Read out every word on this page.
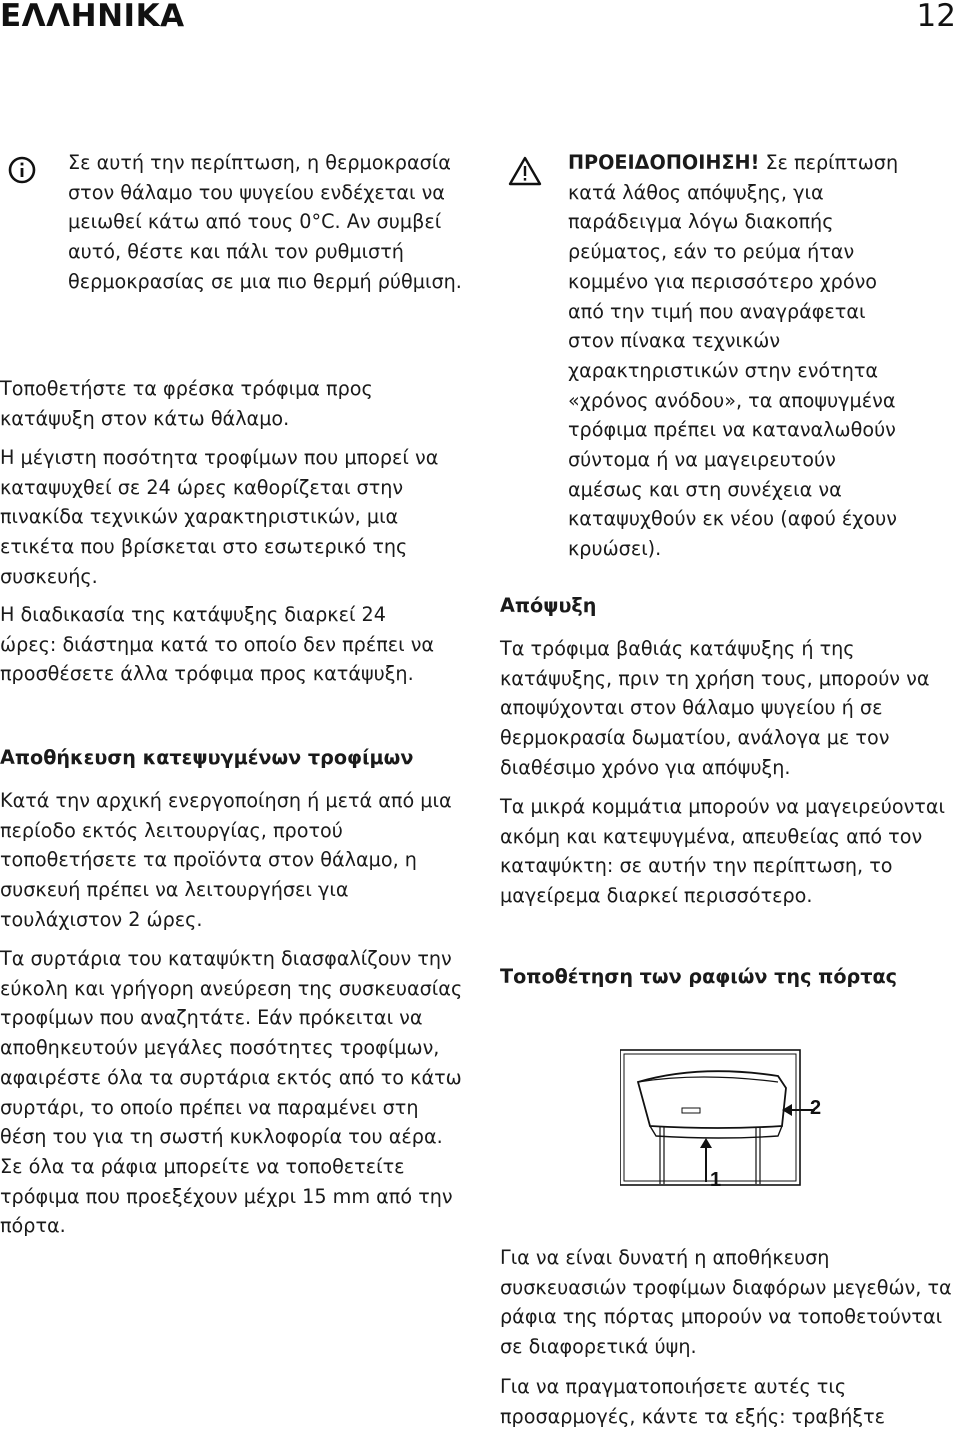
ΕΛΛΗΝΙΚΑ	12

Σε αυτή την περίπτωση, η θερμοκρασία στον θάλαμο του ψυγείου ενδέχεται να μειωθεί κάτω από τους 0°C. Αν συμβεί αυτό, θέστε και πάλι τον ρυθμιστή θερμοκρασίας σε μια πιο θερμή ρύθμιση.

Τοποθετήστε τα φρέσκα τρόφιμα προς κατάψυξη στον κάτω θάλαμο.

Η μέγιστη ποσότητα τροφίμων που μπορεί να καταψυχθεί σε 24 ώρες καθορίζεται στην πινακίδα τεχνικών χαρακτηριστικών, μια ετικέτα που βρίσκεται στο εσωτερικό της συσκευής.

Η διαδικασία της κατάψυξης διαρκεί 24 ώρες: διάστημα κατά το οποίο δεν πρέπει να προσθέσετε άλλα τρόφιμα προς κατάψυξη.

Αποθήκευση κατεψυγμένων τροφίμων

Κατά την αρχική ενεργοποίηση ή μετά από μια περίοδο εκτός λειτουργίας, προτού τοποθετήσετε τα προϊόντα στον θάλαμο, η συσκευή πρέπει να λειτουργήσει για τουλάχιστον 2 ώρες.

Τα συρτάρια του καταψύκτη διασφαλίζουν την εύκολη και γρήγορη ανεύρεση της συσκευασίας τροφίμων που αναζητάτε. Εάν πρόκειται να αποθηκευτούν μεγάλες ποσότητες τροφίμων, αφαιρέστε όλα τα συρτάρια εκτός από το κάτω συρτάρι, το οποίο πρέπει να παραμένει στη θέση του για τη σωστή κυκλοφορία του αέρα. Σε όλα τα ράφια μπορείτε να τοποθετείτε τρόφιμα που προεξέχουν μέχρι 15 mm από την πόρτα.

ΠΡΟΕΙΔΟΠΟΙΗΣΗ! Σε περίπτωση κατά λάθος απόψυξης, για παράδειγμα λόγω διακοπής ρεύματος, εάν το ρεύμα ήταν κομμένο για περισσότερο χρόνο από την τιμή που αναγράφεται στον πίνακα τεχνικών χαρακτηριστικών στην ενότητα «χρόνος ανόδου», τα αποψυγμένα τρόφιμα πρέπει να καταναλωθούν σύντομα ή να μαγειρευτούν αμέσως και στη συνέχεια να καταψυχθούν εκ νέου (αφού έχουν κρυώσει).

Απόψυξη

Τα τρόφιμα βαθιάς κατάψυξης ή της κατάψυξης, πριν τη χρήση τους, μπορούν να αποψύχονται στον θάλαμο ψυγείου ή σε θερμοκρασία δωματίου, ανάλογα με τον διαθέσιμο χρόνο για απόψυξη.

Τα μικρά κομμάτια μπορούν να μαγειρεύονται ακόμη και κατεψυγμένα, απευθείας από τον καταψύκτη: σε αυτήν την περίπτωση, το μαγείρεμα διαρκεί περισσότερο.

Τοποθέτηση των ραφιών της πόρτας
1
2

Για να είναι δυνατή η αποθήκευση συσκευασιών τροφίμων διαφόρων μεγεθών, τα ράφια της πόρτας μπορούν να τοποθετούνται σε διαφορετικά ύψη.

Για να πραγματοποιήσετε αυτές τις προσαρμογές, κάντε τα εξής: τραβήξτε
